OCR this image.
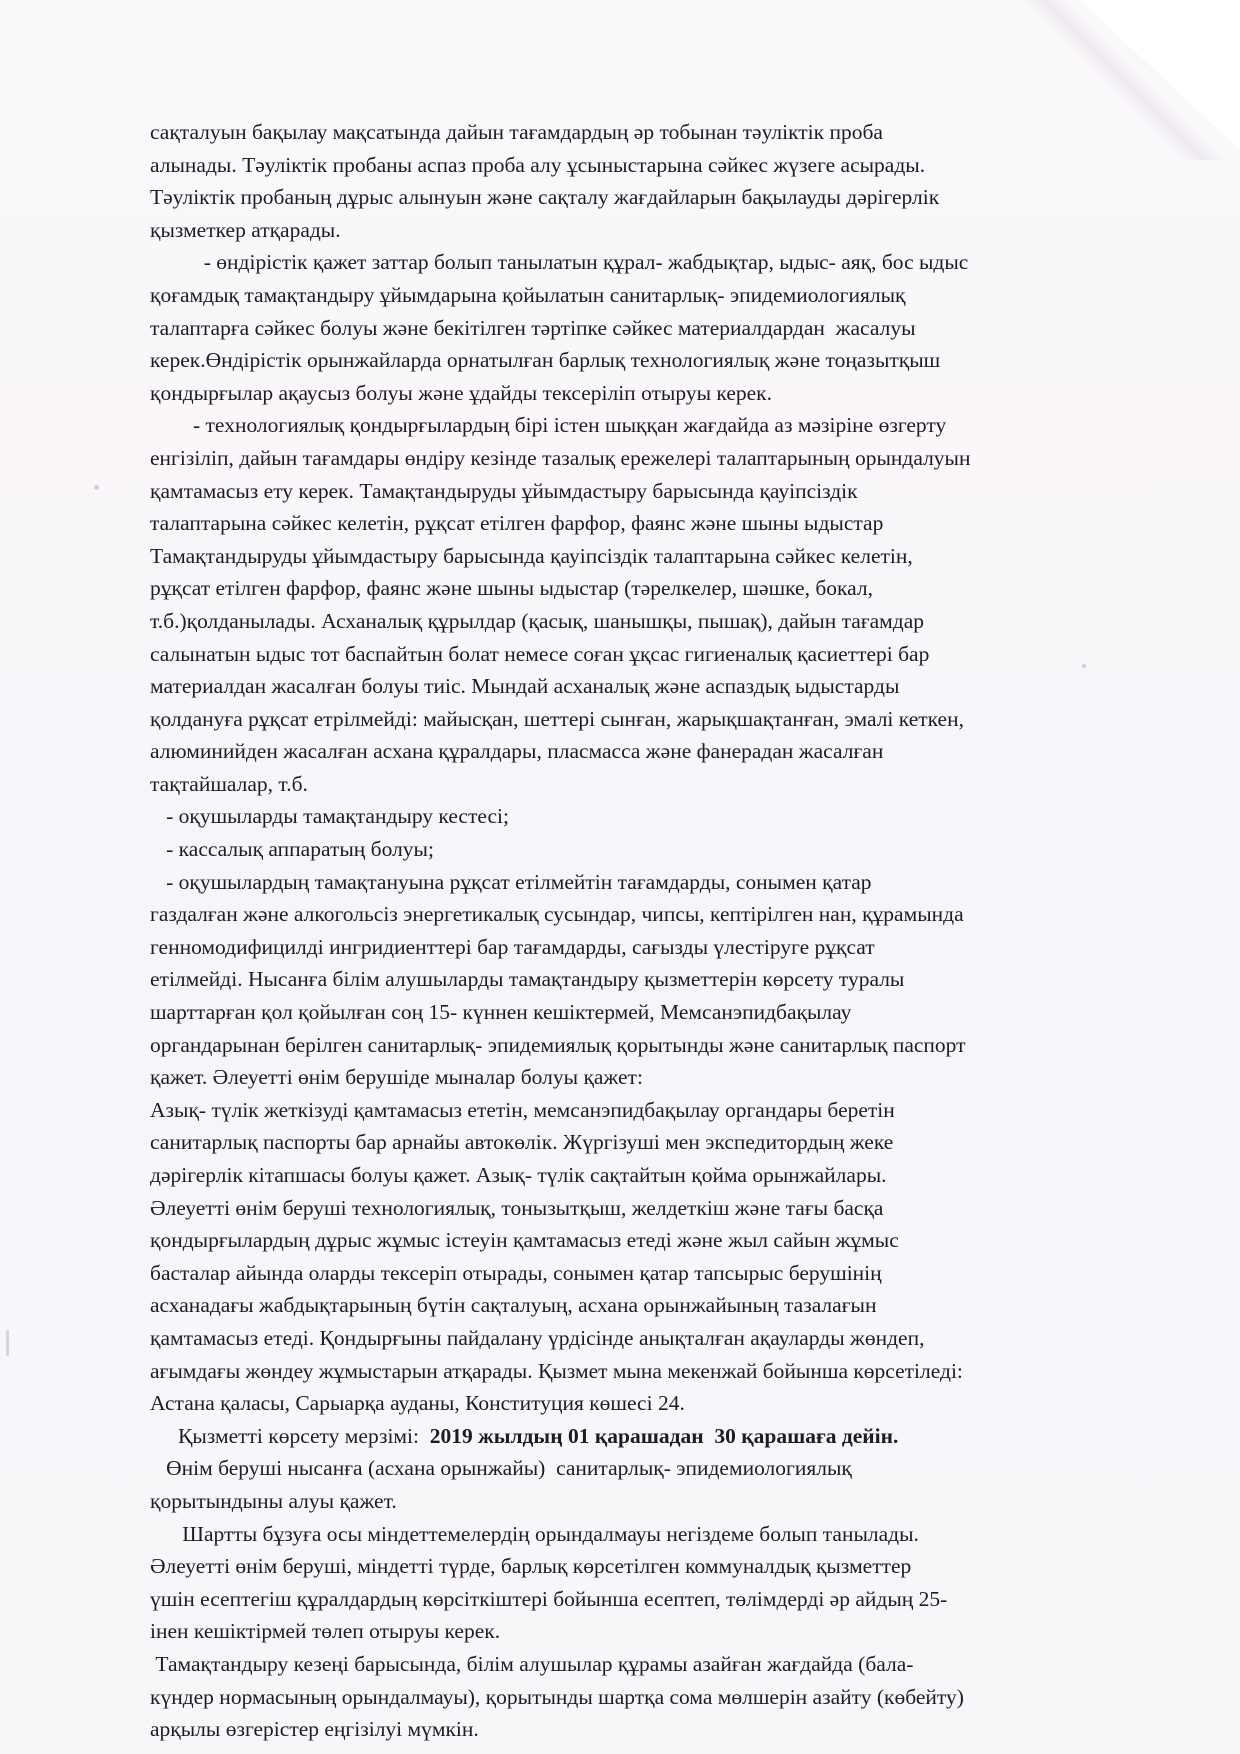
сақталуын бақылау мақсатында дайын тағамдардың әр тобынан тәуліктік проба
алынады. Тәуліктік пробаны аспаз проба алу ұсыныстарына сәйкес жүзеге асырады.
Тәуліктік пробаның дұрыс алынуын және сақталу жағдайларын бақылауды дәрігерлік
қызметкер атқарады.
- өндірістік қажет заттар болып танылатын құрал- жабдықтар, ыдыс- аяқ, бос ыдыс
қоғамдық тамақтандыру ұйымдарына қойылатын санитарлық- эпидемиологиялық
талаптарға сәйкес болуы және бекітілген тәртіпке сәйкес материалдардан  жасалуы
керек.Өндірістік орынжайларда орнатылған барлық технологиялық және тоңазытқыш
қондырғылар ақаусыз болуы және ұдайды тексеріліп отыруы керек.
- технологиялық қондырғылардың бірі істен шыққан жағдайда аз мәзіріне өзгерту
енгізіліп, дайын тағамдары өндіру кезінде тазалық ережелері талаптарының орындалуын
қамтамасыз ету керек. Тамақтандыруды ұйымдастыру барысында қауіпсіздік
талаптарына сәйкес келетін, рұқсат етілген фарфор, фаянс және шыны ыдыстар
Тамақтандыруды ұйымдастыру барысында қауіпсіздік талаптарына сәйкес келетін,
рұқсат етілген фарфор, фаянс және шыны ыдыстар (тәрелкелер, шәшке, бокал,
т.б.)қолданылады. Асханалық құрылдар (қасық, шанышқы, пышақ), дайын тағамдар
салынатын ыдыс тот баспайтын болат немесе соған ұқсас гигиеналық қасиеттері бар
материалдан жасалған болуы тиіс. Мындай асханалық және аспаздық ыдыстарды
қолдануға рұқсат етрілмейді: майысқан, шеттері сынған, жарықшақтанған, эмалі кеткен,
алюминийден жасалған асхана құралдары, пласмасса және фанерадан жасалған
тақтайшалар, т.б.
- оқушыларды тамақтандыру кестесі;
- кассалық аппаратың болуы;
- оқушылардың тамақтануына рұқсат етілмейтін тағамдарды, сонымен қатар
газдалған және алкогольсіз энергетикалық сусындар, чипсы, кептірілген нан, құрамында
генномодифицилді ингридиенттері бар тағамдарды, сағызды үлестіруге рұқсат
етілмейді. Нысанға білім алушыларды тамақтандыру қызметтерін көрсету туралы
шарттарған қол қойылған соң 15- күннен кешіктермей, Мемсанэпидбақылау
органдарынан берілген санитарлық- эпидемиялық қорытынды және санитарлық паспорт
қажет. Әлеуетті өнім берушіде мыналар болуы қажет:
Азық- түлік жеткізуді қамтамасыз ететін, мемсанэпидбақылау органдары беретін
санитарлық паспорты бар арнайы автокөлік. Жүргізуші мен экспедитордың жеке
дәрігерлік кітапшасы болуы қажет. Азық- түлік сақтайтын қойма орынжайлары.
Әлеуетті өнім беруші технологиялық, тонызытқыш, желдеткіш және тағы басқа
қондырғылардың дұрыс жұмыс істеуін қамтамасыз етеді және жыл сайын жұмыс
басталар айында оларды тексеріп отырады, сонымен қатар тапсырыс берушінің
асханадағы жабдықтарының бүтін сақталуың, асхана орынжайының тазалағын
қамтамасыз етеді. Қондырғыны пайдалану үрдісінде анықталған ақауларды жөндеп,
ағымдағы жөндеу жұмыстарын атқарады. Қызмет мына мекенжай бойынша көрсетіледі:
Астана қаласы, Сарыарқа ауданы, Конституция көшесі 24.
Қызметті көрсету мерзімі: 2019 жылдың 01 қарашадан  30 қарашаға дейін.
Өнім беруші нысанға (асхана орынжайы)  санитарлық- эпидемиологиялық
қорытындыны алуы қажет.
Шартты бұзуға осы міндеттемелердің орындалмауы негіздеме болып танылады.
Әлеуетті өнім беруші, міндетті түрде, барлық көрсетілген коммуналдық қызметтер
үшін есептегіш құралдардың көрсіткіштері бойынша есептеп, төлімдерді әр айдың 25-
інен кешіктірмей төлеп отыруы керек.
Тамақтандыру кезеңі барысында, білім алушылар құрамы азайған жағдайда (бала-
күндер нормасының орындалмауы), қорытынды шартқа сома мөлшерін азайту (көбейту)
арқылы өзгерістер еңгізілуі мүмкін.
